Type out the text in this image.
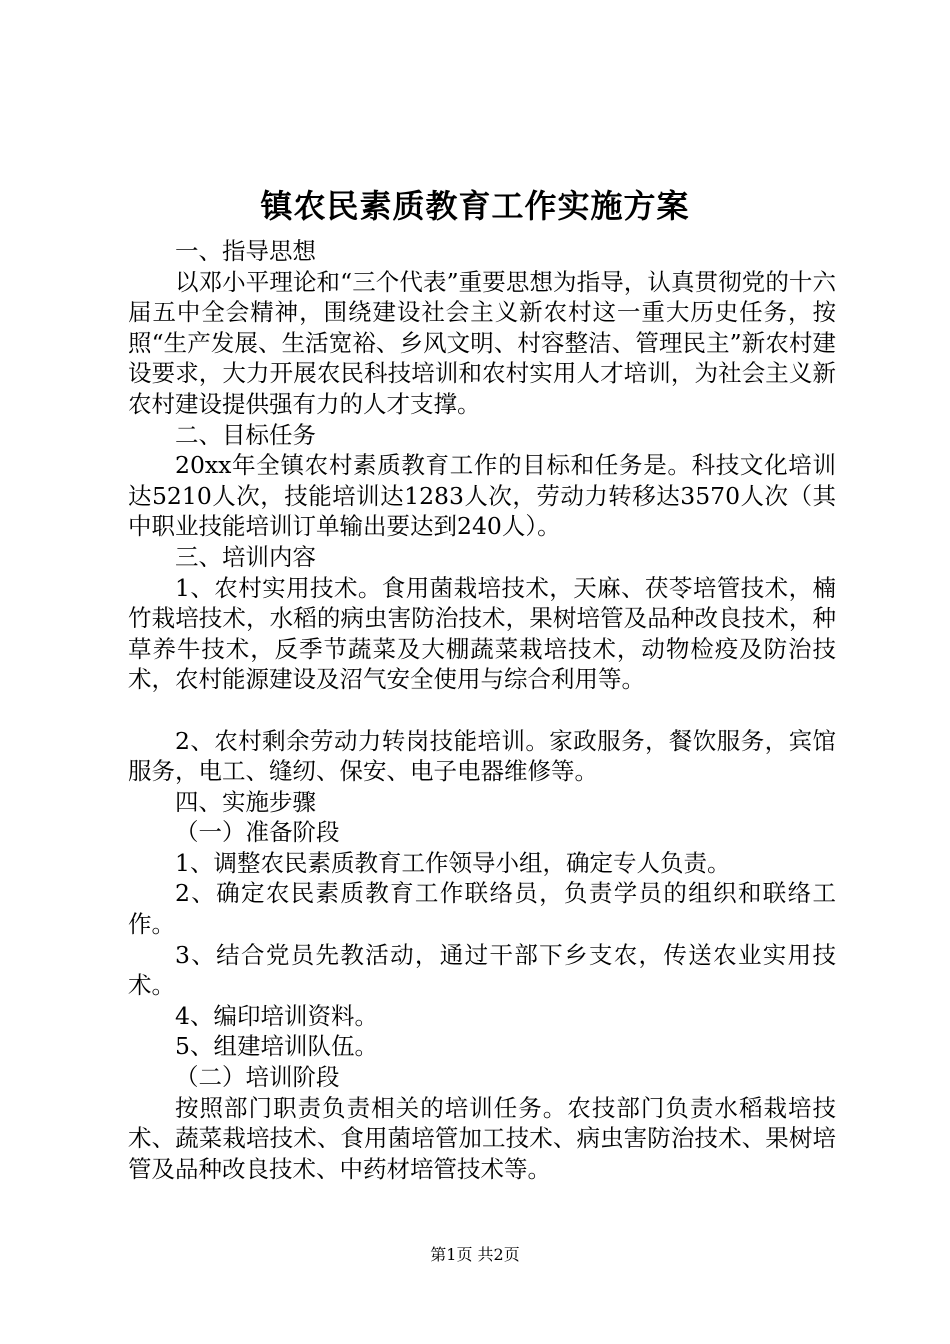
镇农民素质教育工作实施方案

一、指导思想

以邓小平理论和“三个代表”重要思想为指导，认真贯彻党的十六届五中全会精神，围绕建设社会主义新农村这一重大历史任务，按照“生产发展、生活宽裕、乡风文明、村容整洁、管理民主”新农村建设要求，大力开展农民科技培训和农村实用人才培训，为社会主义新农村建设提供强有力的人才支撑。

二、目标任务

20xx年全镇农村素质教育工作的目标和任务是。科技文化培训达5210人次，技能培训达1283人次，劳动力转移达3570人次（其中职业技能培训订单输出要达到240人）。

三、培训内容

1、农村实用技术。食用菌栽培技术，天麻、茯苓培管技术，楠竹栽培技术，水稻的病虫害防治技术，果树培管及品种改良技术，种草养牛技术，反季节蔬菜及大棚蔬菜栽培技术，动物检疫及防治技术，农村能源建设及沼气安全使用与综合利用等。

2、农村剩余劳动力转岗技能培训。家政服务，餐饮服务，宾馆服务，电工、缝纫、保安、电子电器维修等。

四、实施步骤

（一）准备阶段

1、调整农民素质教育工作领导小组，确定专人负责。

2、确定农民素质教育工作联络员，负责学员的组织和联络工作。

3、结合党员先教活动，通过干部下乡支农，传送农业实用技术。

4、编印培训资料。

5、组建培训队伍。

（二）培训阶段

按照部门职责负责相关的培训任务。农技部门负责水稻栽培技术、蔬菜栽培技术、食用菌培管加工技术、病虫害防治技术、果树培管及品种改良技术、中药材培管技术等。

第1页 共2页
